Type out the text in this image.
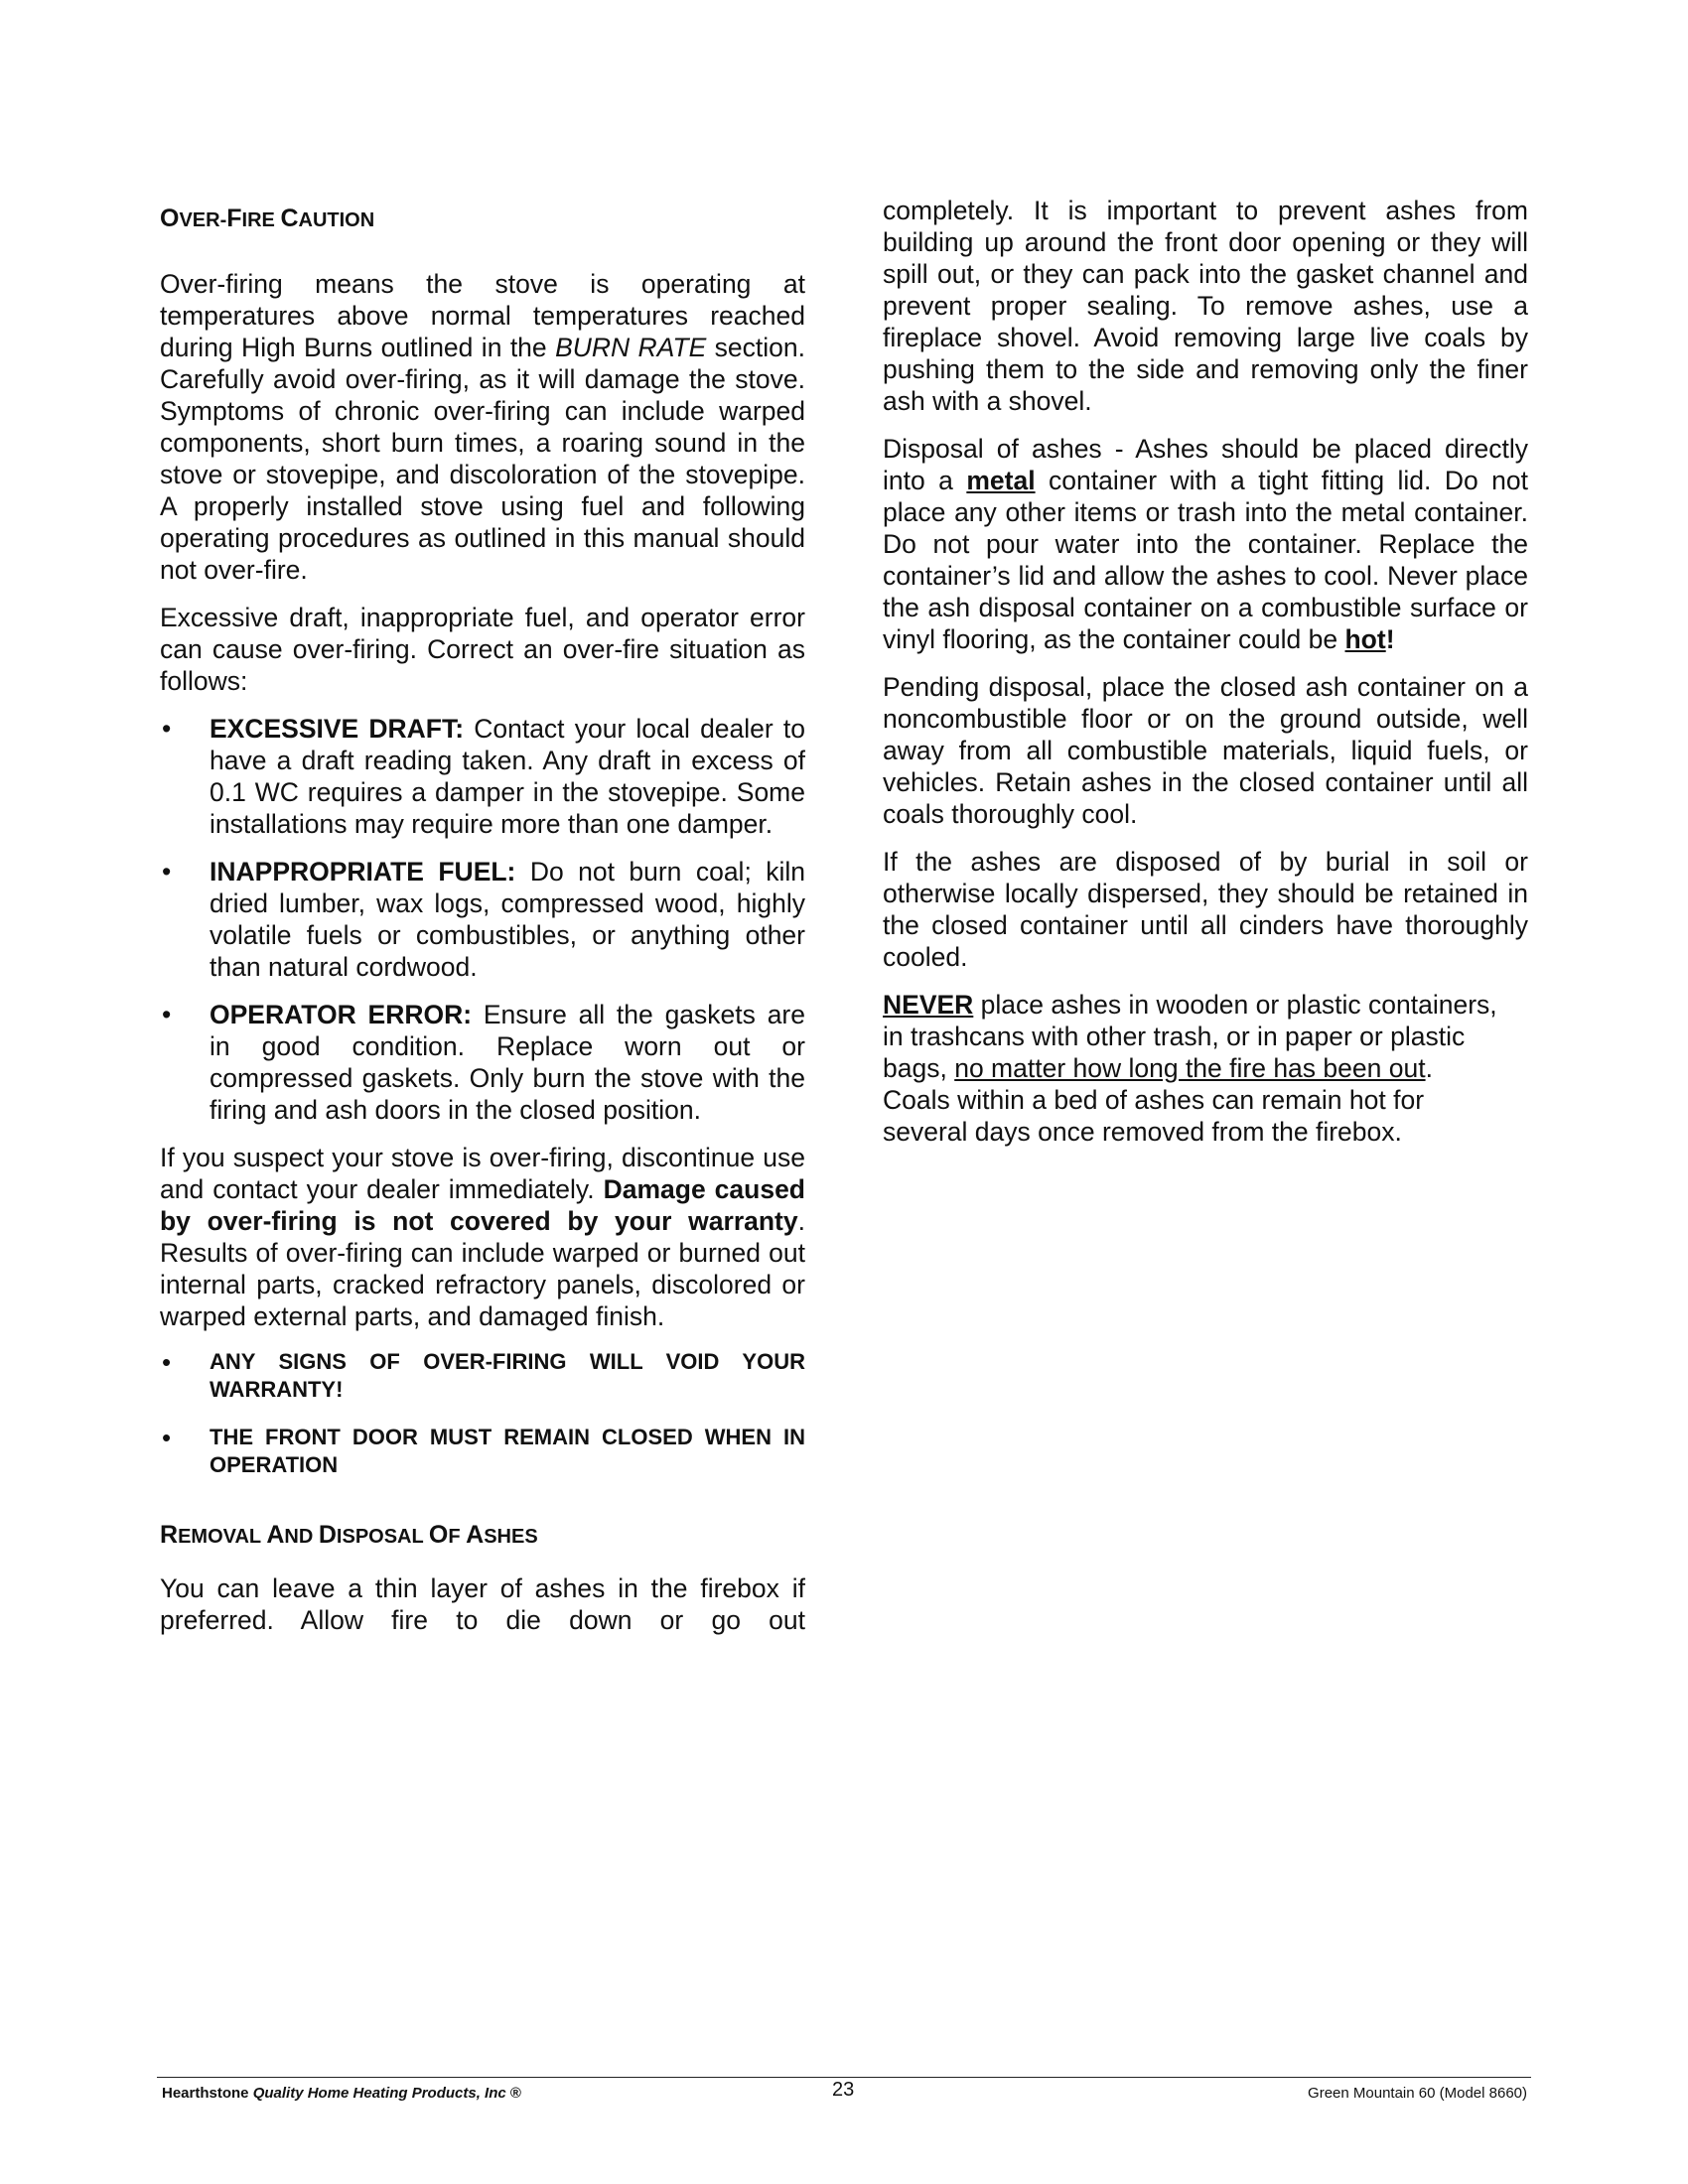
OVER-FIRE CAUTION

Over-firing means the stove is operating at temperatures above normal temperatures reached during High Burns outlined in the BURN RATE section. Carefully avoid over-firing, as it will damage the stove. Symptoms of chronic over-firing can include warped components, short burn times, a roaring sound in the stove or stovepipe, and discoloration of the stovepipe. A properly installed stove using fuel and following operating procedures as outlined in this manual should not over-fire.

Excessive draft, inappropriate fuel, and operator error can cause over-firing. Correct an over-fire situation as follows:

• EXCESSIVE DRAFT: Contact your local dealer to have a draft reading taken. Any draft in excess of 0.1 WC requires a damper in the stovepipe. Some installations may require more than one damper.
• INAPPROPRIATE FUEL: Do not burn coal; kiln dried lumber, wax logs, compressed wood, highly volatile fuels or combustibles, or anything other than natural cordwood.
• OPERATOR ERROR: Ensure all the gaskets are in good condition. Replace worn out or compressed gaskets. Only burn the stove with the firing and ash doors in the closed position.

If you suspect your stove is over-firing, discontinue use and contact your dealer immediately. Damage caused by over-firing is not covered by your warranty. Results of over-firing can include warped or burned out internal parts, cracked refractory panels, discolored or warped external parts, and damaged finish.

• ANY SIGNS OF OVER-FIRING WILL VOID YOUR WARRANTY!
• THE FRONT DOOR MUST REMAIN CLOSED WHEN IN OPERATION
REMOVAL AND DISPOSAL OF ASHES

You can leave a thin layer of ashes in the firebox if preferred. Allow fire to die down or go out

completely. It is important to prevent ashes from building up around the front door opening or they will spill out, or they can pack into the gasket channel and prevent proper sealing. To remove ashes, use a fireplace shovel. Avoid removing large live coals by pushing them to the side and removing only the finer ash with a shovel.

Disposal of ashes - Ashes should be placed directly into a metal container with a tight fitting lid. Do not place any other items or trash into the metal container. Do not pour water into the container. Replace the container’s lid and allow the ashes to cool. Never place the ash disposal container on a combustible surface or vinyl flooring, as the container could be hot!

Pending disposal, place the closed ash container on a noncombustible floor or on the ground outside, well away from all combustible materials, liquid fuels, or vehicles. Retain ashes in the closed container until all coals thoroughly cool.

If the ashes are disposed of by burial in soil or otherwise locally dispersed, they should be retained in the closed container until all cinders have thoroughly cooled.

NEVER place ashes in wooden or plastic containers,
in trashcans with other trash, or in paper or plastic
bags, no matter how long the fire has been out.
Coals within a bed of ashes can remain hot for
several days once removed from the firebox.

Hearthstone Quality Home Heating Products, Inc ®	23	Green Mountain 60 (Model 8660)
